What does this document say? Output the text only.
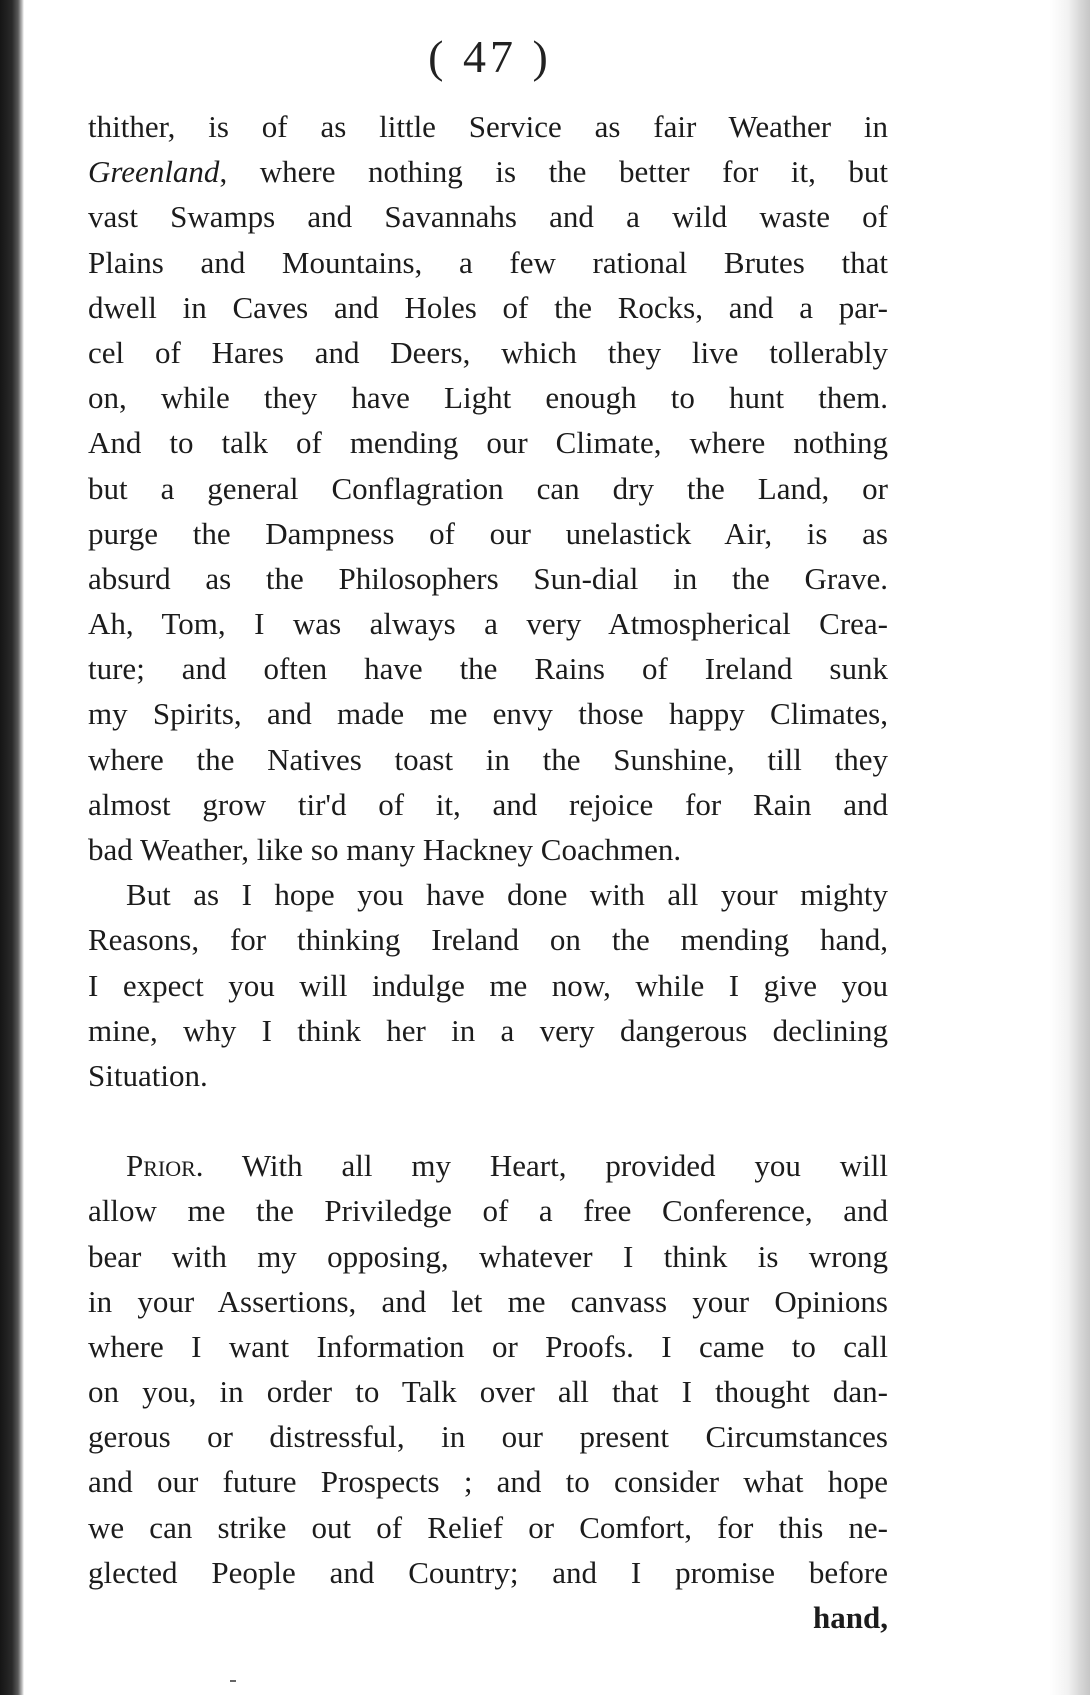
( 47 )
thither, is of as little Service as fair Weather in
Greenland, where nothing is the better for it, but
vast Swamps and Savannahs and a wild waste of
Plains and Mountains, a few rational Brutes that
dwell in Caves and Holes of the Rocks, and a par-
cel of Hares and Deers, which they live tollerably
on, while they have Light enough to hunt them.
And to talk of mending our Climate, where nothing
but a general Conflagration can dry the Land, or
purge the Dampness of our unelastick Air, is as
absurd as the Philosophers Sun-dial in the Grave.
Ah, Tom, I was always a very Atmospherical Crea-
ture; and often have the Rains of Ireland sunk
my Spirits, and made me envy those happy Climates,
where the Natives toast in the Sunshine, till they
almost grow tir'd of it, and rejoice for Rain and
bad Weather, like so many Hackney Coachmen.
But as I hope you have done with all your mighty
Reasons, for thinking Ireland on the mending hand,
I expect you will indulge me now, while I give you
mine, why I think her in a very dangerous declining
Situation.
Prior. With all my Heart, provided you will
allow me the Priviledge of a free Conference, and
bear with my opposing, whatever I think is wrong
in your Assertions, and let me canvass your Opinions
where I want Information or Proofs. I came to call
on you, in order to Talk over all that I thought dan-
gerous or distressful, in our present Circumstances
and our future Prospects ; and to consider what hope
we can strike out of Relief or Comfort, for this ne-
glected People and Country; and I promise before
hand,
